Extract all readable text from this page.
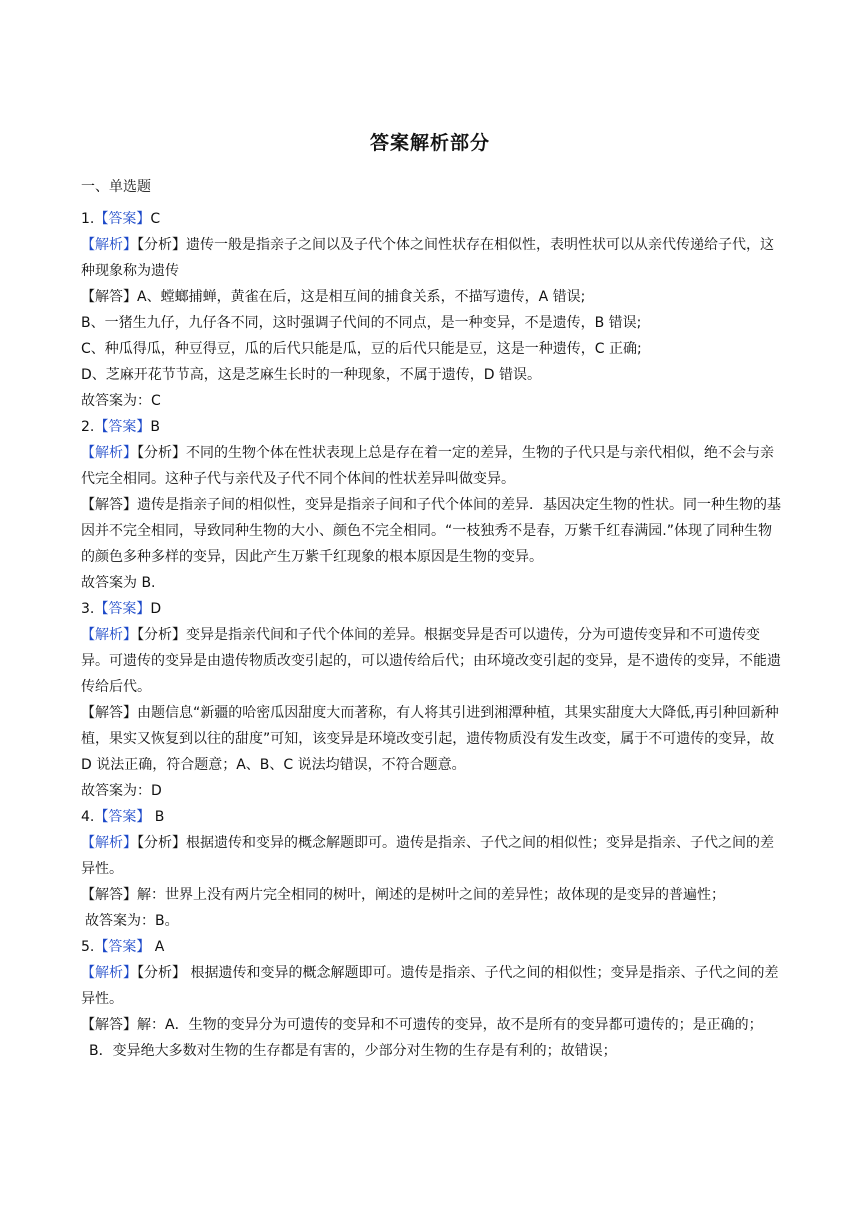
答案解析部分
一、单选题

1.【答案】C

【解析】【分析】遗传一般是指亲子之间以及子代个体之间性状存在相似性，表明性状可以从亲代传递给子代，这种现象称为遗传

【解答】A、螳螂捕蝉，黄雀在后，这是相互间的捕食关系，不描写遗传，A 错误;

B、一猪生九仔，九仔各不同，这时强调子代间的不同点，是一种变异，不是遗传，B 错误;

C、种瓜得瓜，种豆得豆，瓜的后代只能是瓜，豆的后代只能是豆，这是一种遗传，C 正确;

D、芝麻开花节节高，这是芝麻生长时的一种现象，不属于遗传，D 错误。

故答案为：C

2.【答案】B

【解析】【分析】不同的生物个体在性状表现上总是存在着一定的差异，生物的子代只是与亲代相似，绝不会与亲代完全相同。这种子代与亲代及子代不同个体间的性状差异叫做变异。

【解答】遗传是指亲子间的相似性，变异是指亲子间和子代个体间的差异．基因决定生物的性状。同一种生物的基因并不完全相同，导致同种生物的大小、颜色不完全相同。“一枝独秀不是春，万紫千红春满园.”体现了同种生物的颜色多种多样的变异，因此产生万紫千红现象的根本原因是生物的变异。

故答案为 B.

3.【答案】D

【解析】【分析】变异是指亲代间和子代个体间的差异。根据变异是否可以遗传，分为可遗传变异和不可遗传变异。可遗传的变异是由遗传物质改变引起的，可以遗传给后代；由环境改变引起的变异，是不遗传的变异，不能遗传给后代。

【解答】由题信息“新疆的哈密瓜因甜度大而著称，有人将其引进到湘潭种植，其果实甜度大大降低,再引种回新种植，果实又恢复到以往的甜度”可知，该变异是环境改变引起，遗传物质没有发生改变，属于不可遗传的变异，故 D 说法正确，符合题意；A、B、C 说法均错误，不符合题意。

故答案为：D

4.【答案】 B

【解析】【分析】根据遗传和变异的概念解题即可。遗传是指亲、子代之间的相似性；变异是指亲、子代之间的差异性。

【解答】解：世界上没有两片完全相同的树叶，阐述的是树叶之间的差异性；故体现的是变异的普遍性；

故答案为：B。

5.【答案】 A

【解析】【分析】 根据遗传和变异的概念解题即可。遗传是指亲、子代之间的相似性；变异是指亲、子代之间的差异性。

【解答】解：A．生物的变异分为可遗传的变异和不可遗传的变异，故不是所有的变异都可遗传的；是正确的；

B．变异绝大多数对生物的生存都是有害的，少部分对生物的生存是有利的；故错误；
